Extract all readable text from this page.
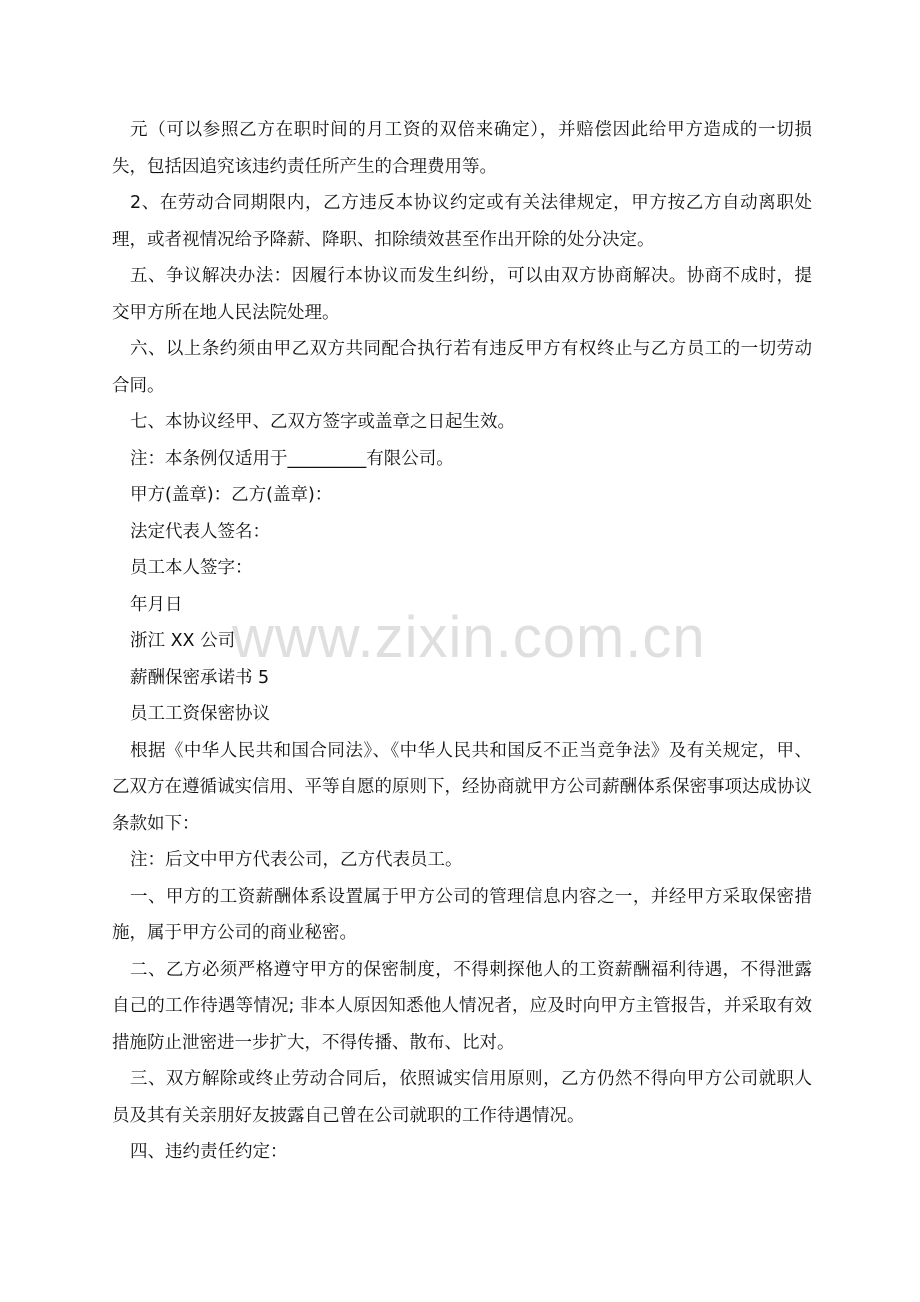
元（可以参照乙方在职时间的月工资的双倍来确定），并赔偿因此给甲方造成的一切损失，包括因追究该违约责任所产生的合理费用等。

2、在劳动合同期限内，乙方违反本协议约定或有关法律规定，甲方按乙方自动离职处理，或者视情况给予降薪、降职、扣除绩效甚至作出开除的处分决定。

五、争议解决办法：因履行本协议而发生纠纷，可以由双方协商解决。协商不成时，提交甲方所在地人民法院处理。

六、以上条约须由甲乙双方共同配合执行若有违反甲方有权终止与乙方员工的一切劳动合同。

七、本协议经甲、乙双方签字或盖章之日起生效。

注：本条例仅适用于_________有限公司。

甲方(盖章)：乙方(盖章)：

法定代表人签名：

员工本人签字：

年月日

浙江 XX 公司

薪酬保密承诺书 5

员工工资保密协议

根据《中华人民共和国合同法》、《中华人民共和国反不正当竞争法》及有关规定，甲、乙双方在遵循诚实信用、平等自愿的原则下，经协商就甲方公司薪酬体系保密事项达成协议条款如下：

注：后文中甲方代表公司，乙方代表员工。

一、甲方的工资薪酬体系设置属于甲方公司的管理信息内容之一，并经甲方采取保密措施，属于甲方公司的商业秘密。

二、乙方必须严格遵守甲方的保密制度，不得刺探他人的工资薪酬福利待遇，不得泄露自己的工作待遇等情况; 非本人原因知悉他人情况者，应及时向甲方主管报告，并采取有效措施防止泄密进一步扩大，不得传播、散布、比对。

三、双方解除或终止劳动合同后，依照诚实信用原则，乙方仍然不得向甲方公司就职人员及其有关亲朋好友披露自己曾在公司就职的工作待遇情况。

四、违约责任约定：

www.zixin.com.cn
